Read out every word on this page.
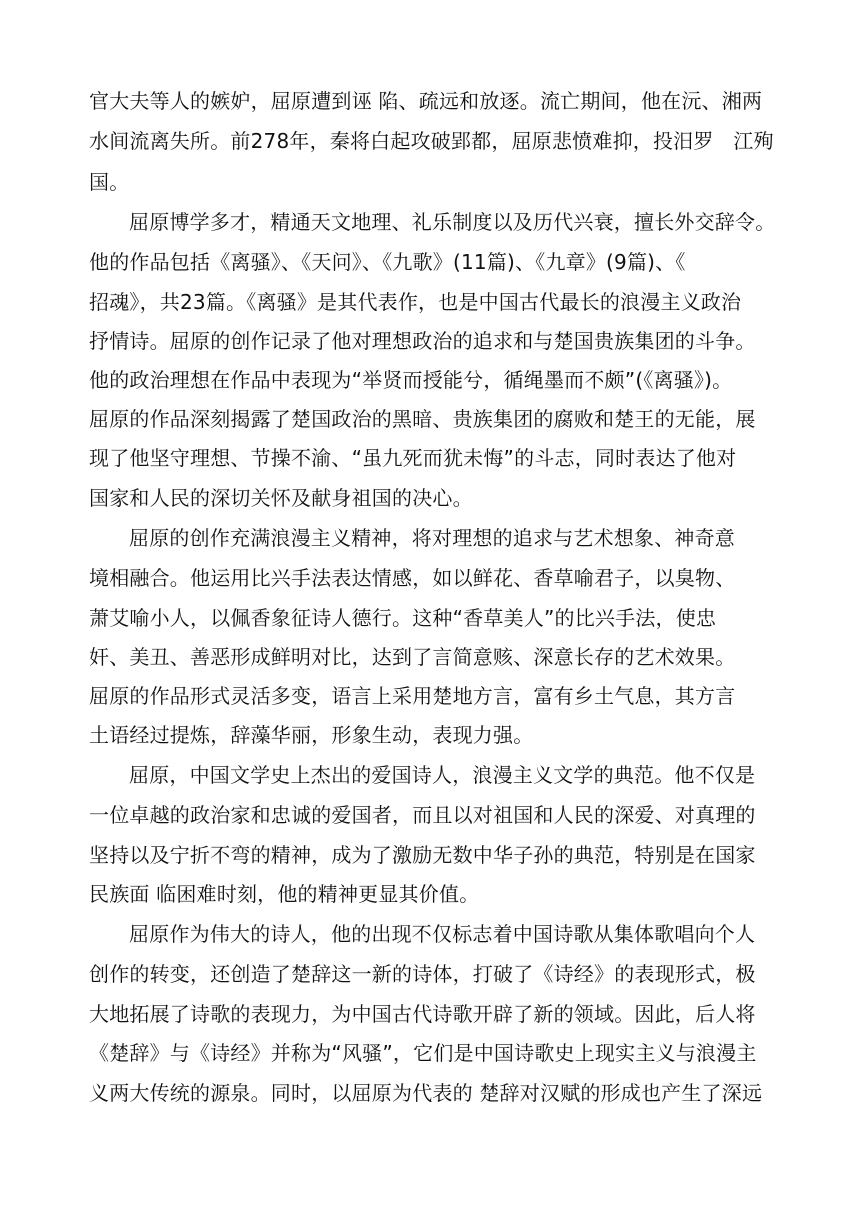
官大夫等人的嫉妒，屈原遭到诬 陷、疏远和放逐。流亡期间，他在沅、湘两
水间流离失所。前278年，秦将白起攻破郢都，屈原悲愤难抑，投汨罗   江殉
国。
屈原博学多才，精通天文地理、礼乐制度以及历代兴衰，擅长外交辞令。
他的作品包括《离骚》、《天问》、《九歌》(11篇)、《九章》(9篇)、《
招魂》，共23篇。《离骚》是其代表作，也是中国古代最长的浪漫主义政治
抒情诗。屈原的创作记录了他对理想政治的追求和与楚国贵族集团的斗争。
他的政治理想在作品中表现为“举贤而授能兮，循绳墨而不颇”(《离骚》)。
屈原的作品深刻揭露了楚国政治的黑暗、贵族集团的腐败和楚王的无能，展
现了他坚守理想、节操不渝、“虽九死而犹未悔”的斗志，同时表达了他对
国家和人民的深切关怀及献身祖国的决心。
屈原的创作充满浪漫主义精神，将对理想的追求与艺术想象、神奇意
境相融合。他运用比兴手法表达情感，如以鲜花、香草喻君子，以臭物、
萧艾喻小人，以佩香象征诗人德行。这种“香草美人”的比兴手法，使忠
奸、美丑、善恶形成鲜明对比，达到了言简意赅、深意长存的艺术效果。
屈原的作品形式灵活多变，语言上采用楚地方言，富有乡土气息，其方言
土语经过提炼，辞藻华丽，形象生动，表现力强。
屈原，中国文学史上杰出的爱国诗人，浪漫主义文学的典范。他不仅是
一位卓越的政治家和忠诚的爱国者，而且以对祖国和人民的深爱、对真理的
坚持以及宁折不弯的精神，成为了激励无数中华子孙的典范，特别是在国家
民族面 临困难时刻，他的精神更显其价值。
屈原作为伟大的诗人，他的出现不仅标志着中国诗歌从集体歌唱向个人
创作的转变，还创造了楚辞这一新的诗体，打破了《诗经》的表现形式，极
大地拓展了诗歌的表现力，为中国古代诗歌开辟了新的领域。因此，后人将
《楚辞》与《诗经》并称为“风骚”，它们是中国诗歌史上现实主义与浪漫主
义两大传统的源泉。同时，以屈原为代表的 楚辞对汉赋的形成也产生了深远
